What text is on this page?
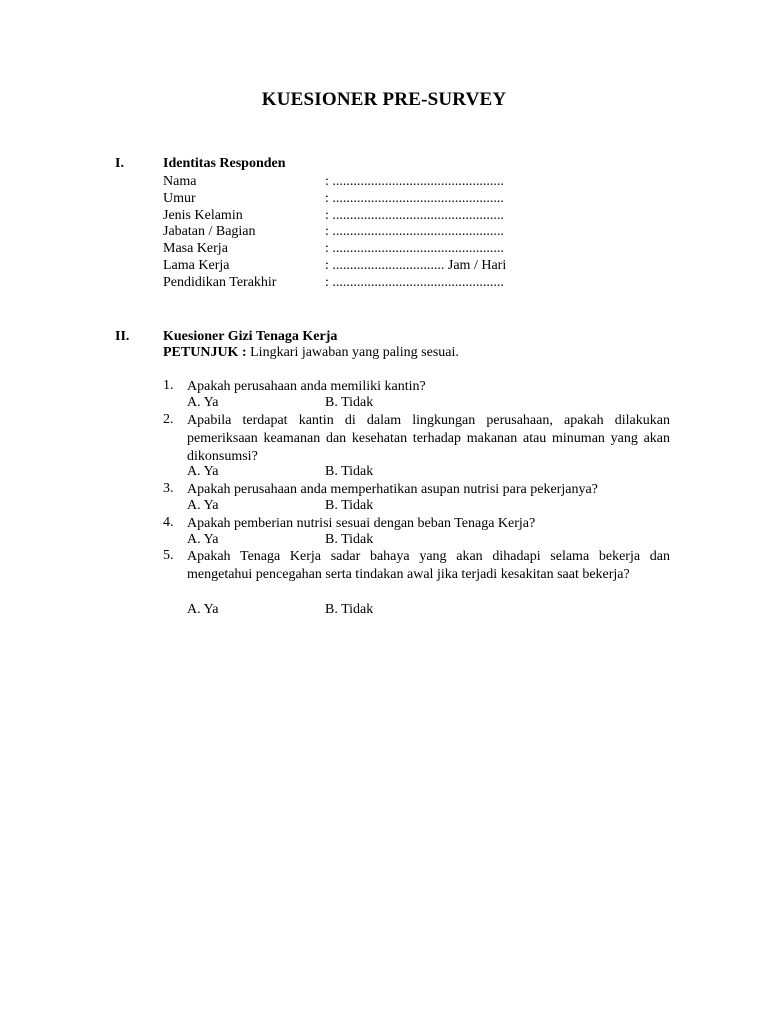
KUESIONER PRE-SURVEY
I.	Identitas Responden
Nama	: .................................................
Umur	: .................................................
Jenis Kelamin	: .................................................
Jabatan / Bagian	: .................................................
Masa Kerja	: .................................................
Lama Kerja	: ................................ Jam / Hari
Pendidikan Terakhir	: .................................................
II. Kuesioner Gizi Tenaga Kerja
PETUNJUK : Lingkari jawaban yang paling sesuai.
1. Apakah perusahaan anda memiliki kantin?
A. Ya	B. Tidak
2. Apabila terdapat kantin di dalam lingkungan perusahaan, apakah dilakukan pemeriksaan keamanan dan kesehatan terhadap makanan atau minuman yang akan dikonsumsi?
A. Ya	B. Tidak
3. Apakah perusahaan anda memperhatikan asupan nutrisi para pekerjanya?
A. Ya	B. Tidak
4. Apakah pemberian nutrisi sesuai dengan beban Tenaga Kerja?
A. Ya	B. Tidak
5. Apakah Tenaga Kerja sadar bahaya yang akan dihadapi selama bekerja dan mengetahui pencegahan serta tindakan awal jika terjadi kesakitan saat bekerja?
A. Ya	B. Tidak
